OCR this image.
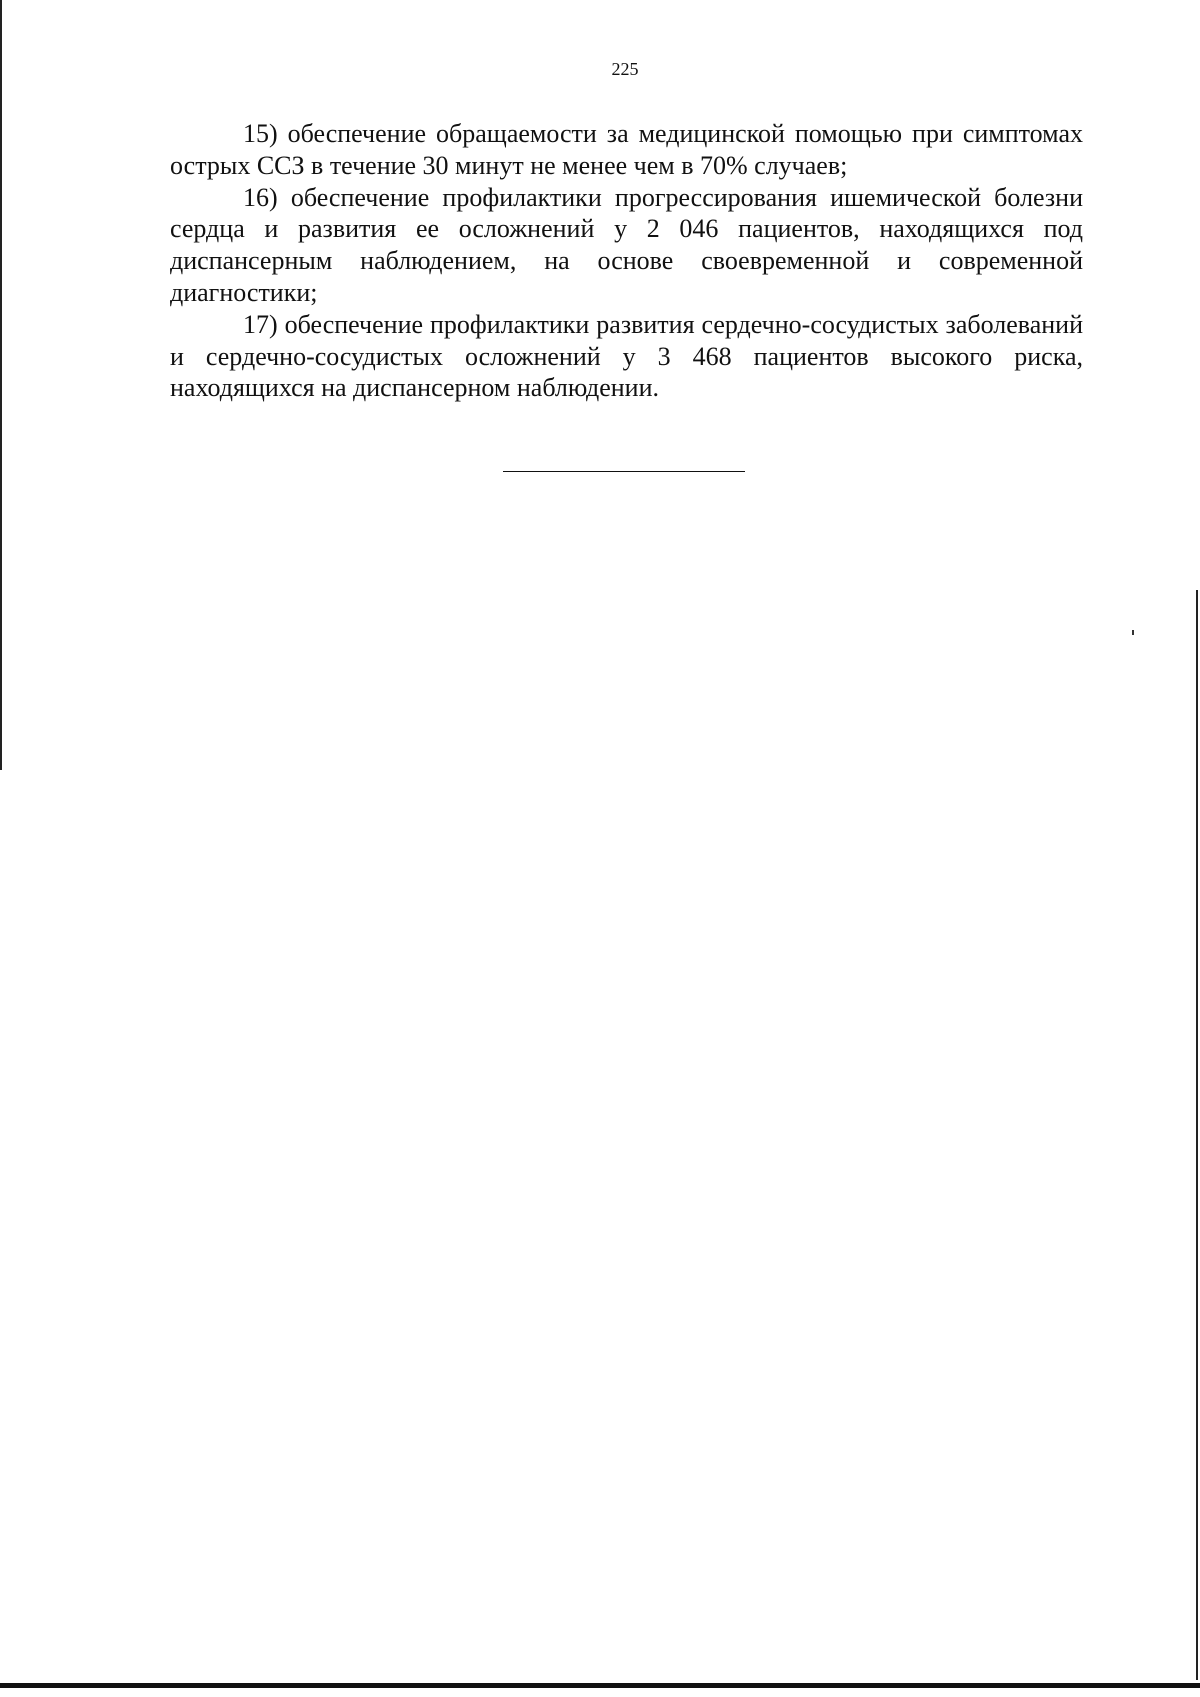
225

15) обеспечение обращаемости за медицинской помощью при симптомах острых ССЗ в течение 30 минут не менее чем в 70% случаев;

16) обеспечение профилактики прогрессирования ишемической болезни сердца и развития ее осложнений у 2 046 пациентов, находящихся под диспансерным наблюдением, на основе своевременной и современной диагностики;

17) обеспечение профилактики развития сердечно-сосудистых заболеваний и сердечно-сосудистых осложнений у 3 468 пациентов высокого риска, находящихся на диспансерном наблюдении.
